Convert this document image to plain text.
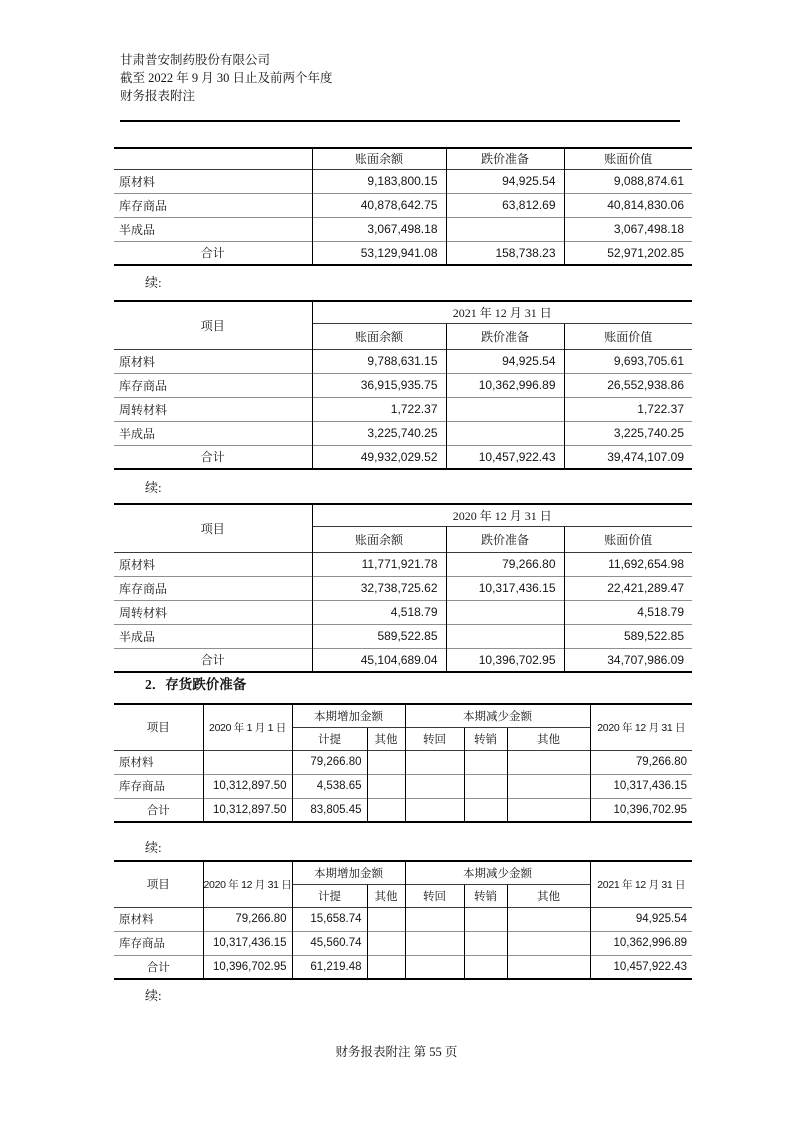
甘肃普安制药股份有限公司
截至 2022 年 9 月 30 日止及前两个年度
财务报表附注
	账面余额	跌价准备	账面价值
原材料	9,183,800.15	94,925.54	9,088,874.61
库存商品	40,878,642.75	63,812.69	40,814,830.06
半成品	3,067,498.18		3,067,498.18
合计	53,129,941.08	158,738.23	52,971,202.85
续:
项目	2021 年 12 月 31 日		
	账面余额	跌价准备	账面价值
原材料	9,788,631.15	94,925.54	9,693,705.61
库存商品	36,915,935.75	10,362,996.89	26,552,938.86
周转材料	1,722.37		1,722.37
半成品	3,225,740.25		3,225,740.25
合计	49,932,029.52	10,457,922.43	39,474,107.09
续:
项目	2020 年 12 月 31 日		
	账面余额	跌价准备	账面价值
原材料	11,771,921.78	79,266.80	11,692,654.98
库存商品	32,738,725.62	10,317,436.15	22,421,289.47
周转材料	4,518.79		4,518.79
半成品	589,522.85		589,522.85
合计	45,104,689.04	10,396,702.95	34,707,986.09
2．存货跌价准备
项目	2020 年 1 月 1 日	本期增加金额		本期减少金额			2020 年 12 月 31 日
		计提	其他	转回	转销	其他	
原材料		79,266.80					79,266.80
库存商品	10,312,897.50	4,538.65					10,317,436.15
合计	10,312,897.50	83,805.45					10,396,702.95
续:
项目	2020 年 12 月 31 日	本期增加金额		本期减少金额			2021 年 12 月 31 日
		计提	其他	转回	转销	其他	
原材料	79,266.80	15,658.74					94,925.54
库存商品	10,317,436.15	45,560.74					10,362,996.89
合计	10,396,702.95	61,219.48					10,457,922.43
续:
财务报表附注 第 55 页
